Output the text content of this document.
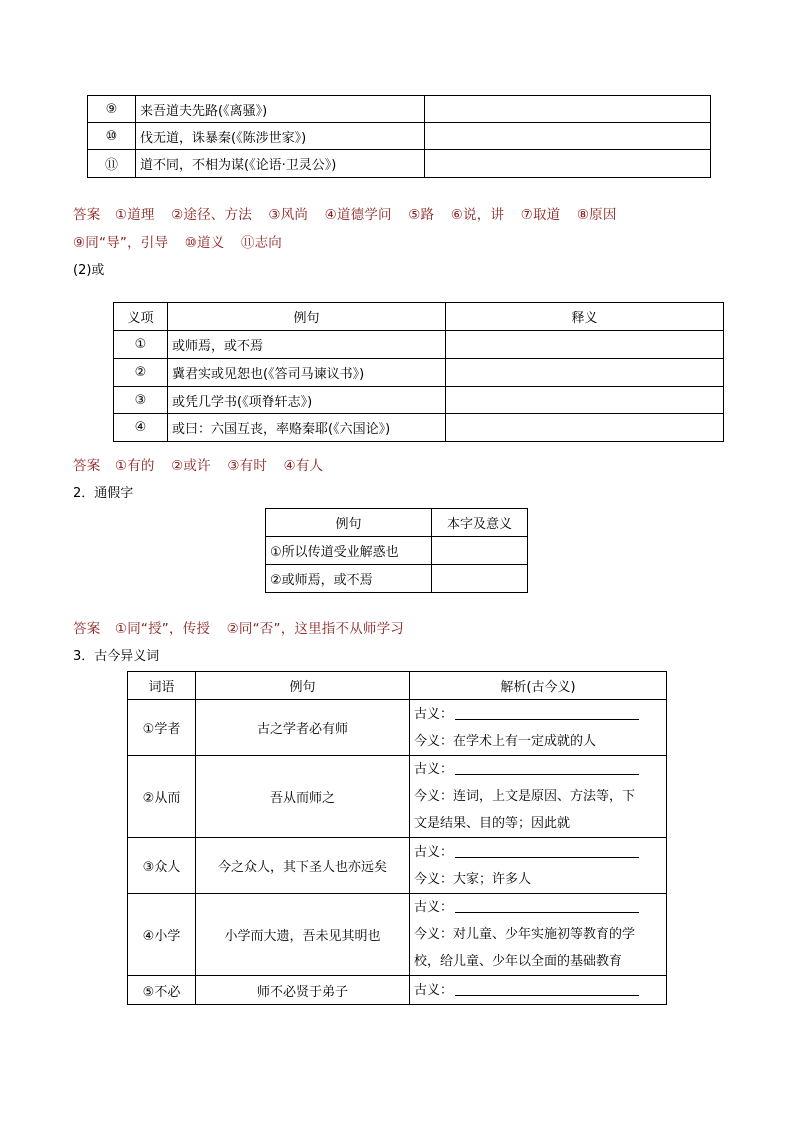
⑨	来吾道夫先路(《离骚》)	
⑩	伐无道，诛暴秦(《陈涉世家》)	
⑪	道不同，不相为谋(《论语·卫灵公》)	
答案 ①道理 ②途径、方法 ③风尚 ④道德学问 ⑤路 ⑥说，讲 ⑦取道 ⑧原因
⑨同“导”，引导 ⑩道义 ⑪志向
(2)或
义项	例句	释义
①	或师焉，或不焉	
②	冀君实或见恕也(《答司马谏议书》)	
③	或凭几学书(《项脊轩志》)	
④	或曰：六国互丧，率赂秦耶(《六国论》)	
答案 ①有的 ②或许 ③有时 ④有人
2．通假字
例句	本字及意义
①所以传道受业解惑也	
②或师焉，或不焉	
答案 ①同“授”，传授 ②同“否”，这里指不从师学习
3．古今异义词
词语	例句	解析(古今义)
①学者	古之学者必有师	古义：
今义：在学术上有一定成就的人

②从而	吾从而师之	古义：
今义：连词，上文是原因、方法等，下
文是结果、目的等；因此就

③众人	今之众人，其下圣人也亦远矣	古义：
今义：大家；许多人

④小学	小学而大遗，吾未见其明也	古义：
今义：对儿童、少年实施初等教育的学
校，给儿童、少年以全面的基础教育

⑤不必	师不必贤于弟子	古义：
